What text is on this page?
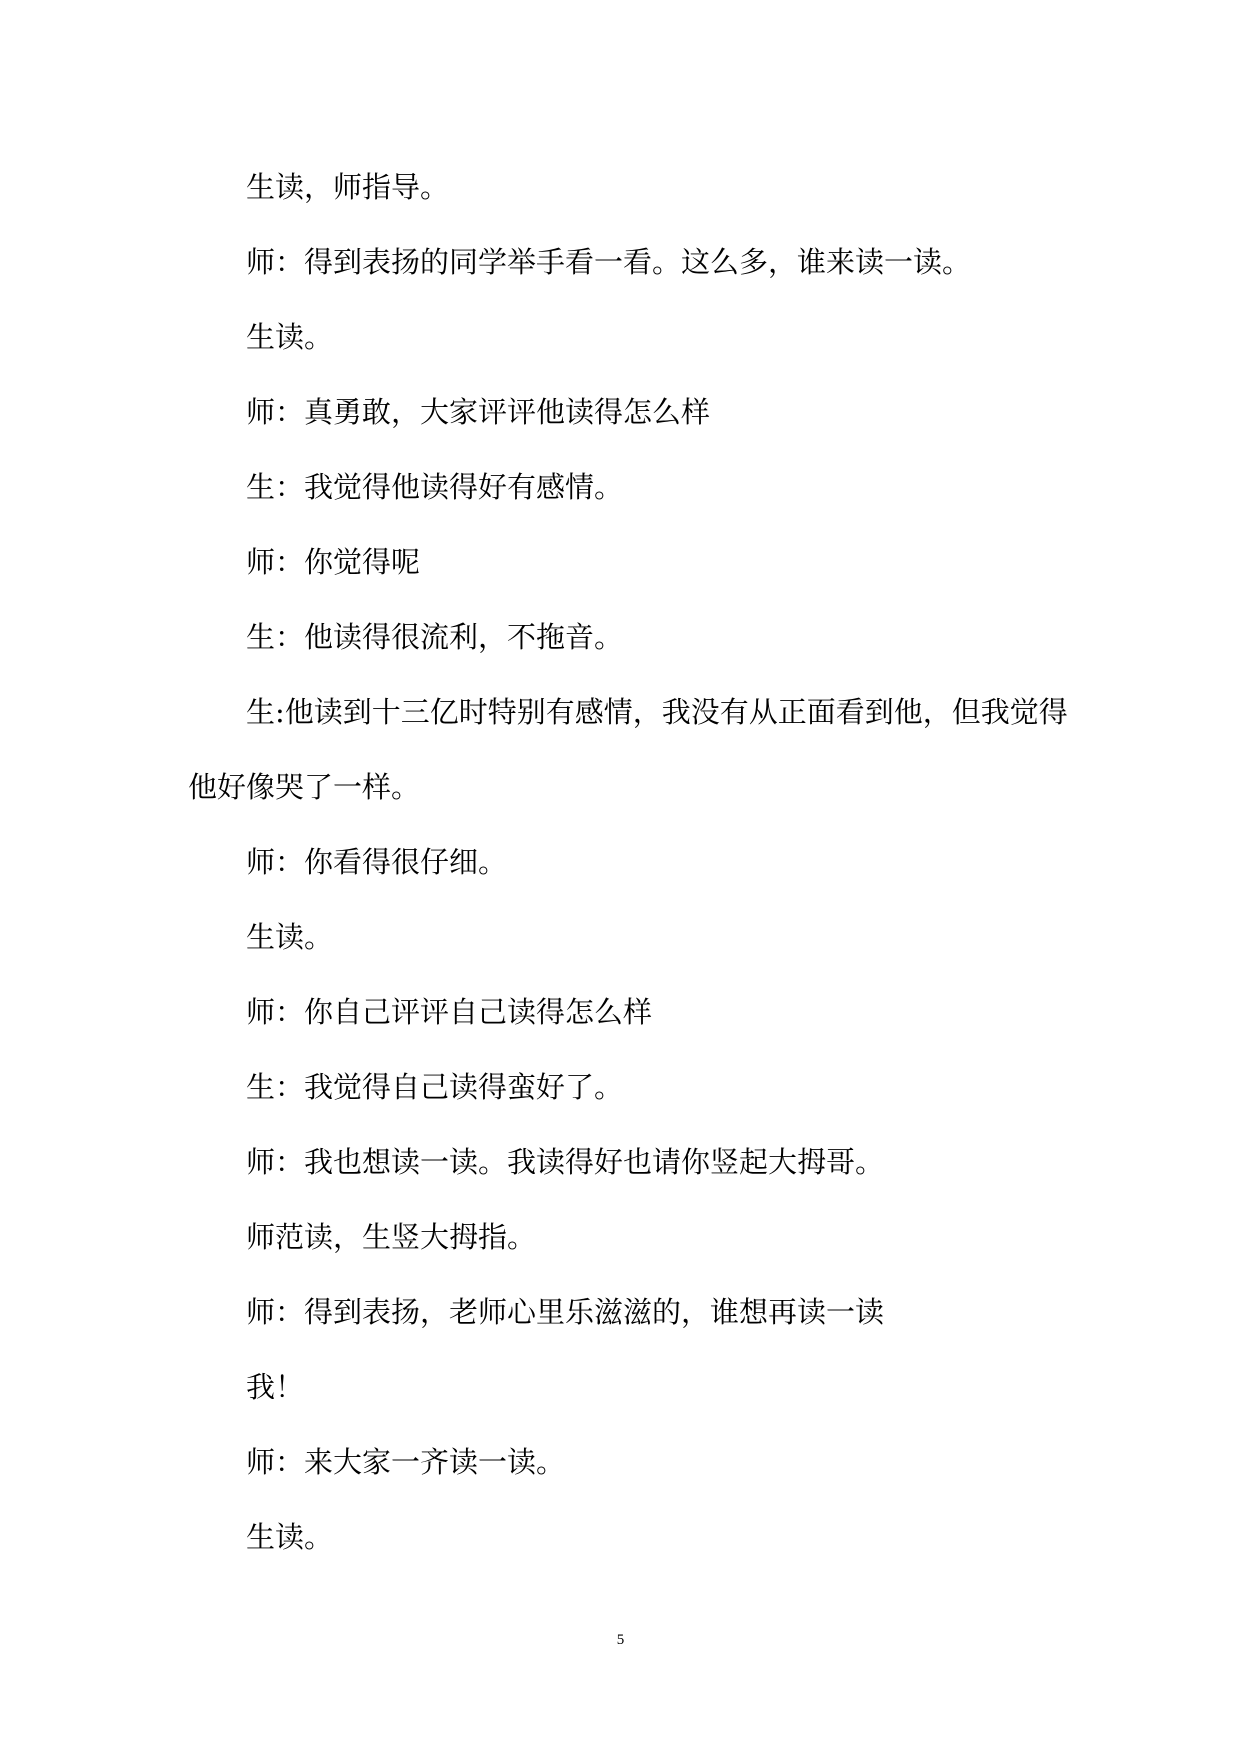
生读，师指导。

师：得到表扬的同学举手看一看。这么多，谁来读一读。

生读。

师：真勇敢，大家评评他读得怎么样

生：我觉得他读得好有感情。

师：你觉得呢

生：他读得很流利，不拖音。

生:他读到十三亿时特别有感情，我没有从正面看到他，但我觉得他好像哭了一样。

师：你看得很仔细。

生读。

师：你自己评评自己读得怎么样

生：我觉得自己读得蛮好了。

师：我也想读一读。我读得好也请你竖起大拇哥。

师范读，生竖大拇指。

师：得到表扬，老师心里乐滋滋的，谁想再读一读

我！

师：来大家一齐读一读。

生读。

5
